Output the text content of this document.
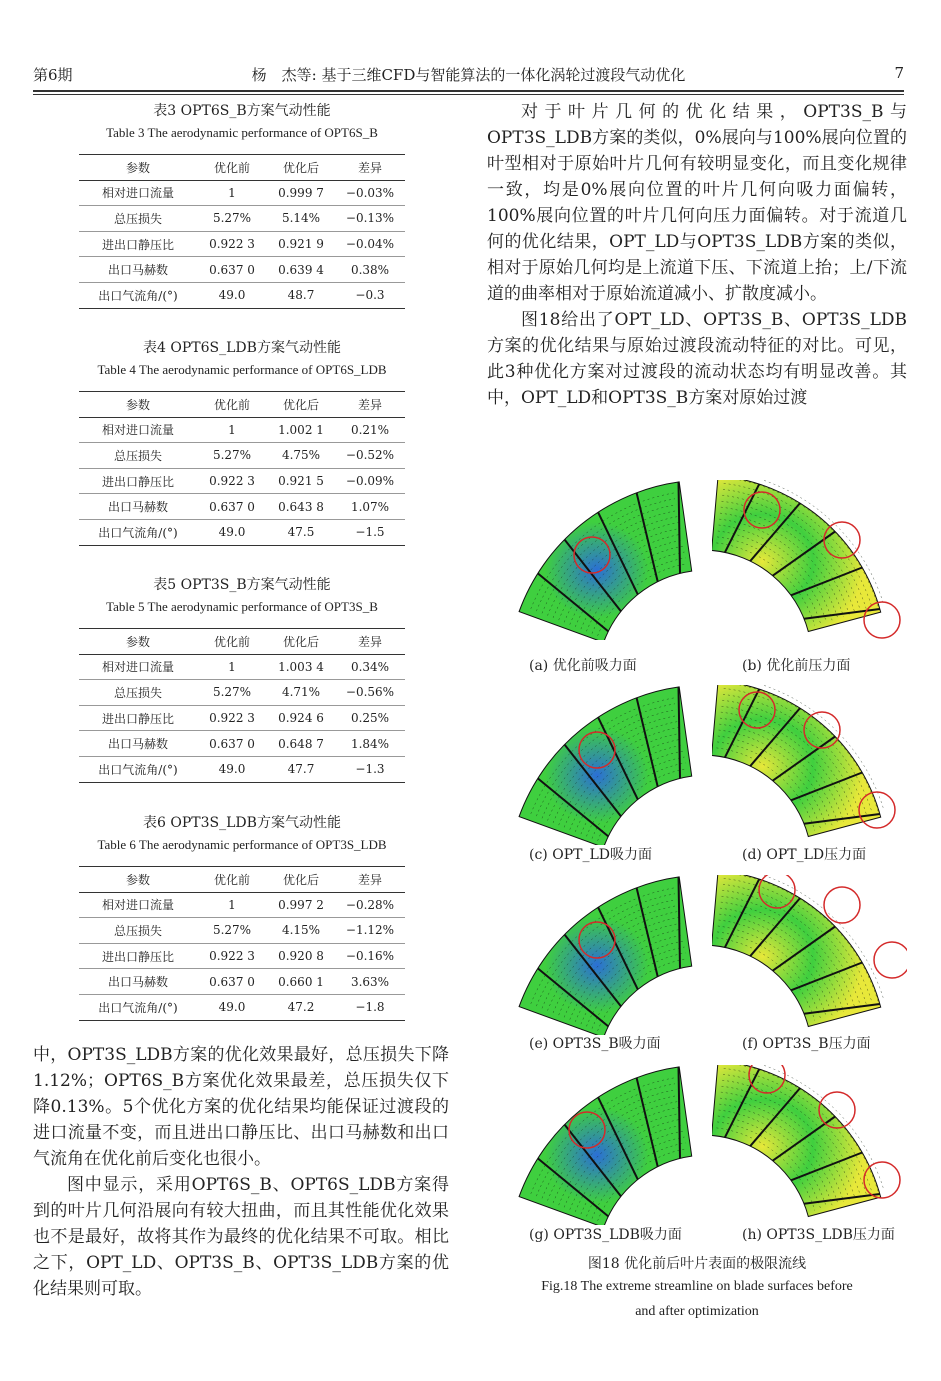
第6期	杨　杰等: 基于三维CFD与智能算法的一体化涡轮过渡段气动优化	7
表3 OPT6S_B方案气动性能
Table 3 The aerodynamic performance of OPT6S_B
参数	优化前	优化后	差异
相对进口流量	1	0.999 7	−0.03%
总压损失	5.27%	5.14%	−0.13%
进出口静压比	0.922 3	0.921 9	−0.04%
出口马赫数	0.637 0	0.639 4	0.38%
出口气流角/(°)	49.0	48.7	−0.3
表4 OPT6S_LDB方案气动性能
Table 4 The aerodynamic performance of OPT6S_LDB
参数	优化前	优化后	差异
相对进口流量	1	1.002 1	0.21%
总压损失	5.27%	4.75%	−0.52%
进出口静压比	0.922 3	0.921 5	−0.09%
出口马赫数	0.637 0	0.643 8	1.07%
出口气流角/(°)	49.0	47.5	−1.5
表5 OPT3S_B方案气动性能
Table 5 The aerodynamic performance of OPT3S_B
参数	优化前	优化后	差异
相对进口流量	1	1.003 4	0.34%
总压损失	5.27%	4.71%	−0.56%
进出口静压比	0.922 3	0.924 6	0.25%
出口马赫数	0.637 0	0.648 7	1.84%
出口气流角/(°)	49.0	47.7	−1.3
表6 OPT3S_LDB方案气动性能
Table 6 The aerodynamic performance of OPT3S_LDB
参数	优化前	优化后	差异
相对进口流量	1	0.997 2	−0.28%
总压损失	5.27%	4.15%	−1.12%
进出口静压比	0.922 3	0.920 8	−0.16%
出口马赫数	0.637 0	0.660 1	3.63%
出口气流角/(°)	49.0	47.2	−1.8

中，OPT3S_LDB方案的优化效果最好，总压损失下降1.12%；OPT6S_B方案优化效果最差，总压损失仅下降0.13%。5个优化方案的优化结果均能保证过渡段的进口流量不变，而且进出口静压比、出口马赫数和出口气流角在优化前后变化也很小。

图中显示，采用OPT6S_B、OPT6S_LDB方案得到的叶片几何沿展向有较大扭曲，而且其性能优化效果也不是最好，故将其作为最终的优化结果不可取。相比之下，OPT_LD、OPT3S_B、OPT3S_LDB方案的优化结果则可取。

对于叶片几何的优化结果，OPT3S_B与OPT3S_LDB方案的类似，0%展向与100%展向位置的叶型相对于原始叶片几何有较明显变化，而且变化规律一致，均是0%展向位置的叶片几何向吸力面偏转，100%展向位置的叶片几何向压力面偏转。对于流道几何的优化结果，OPT_LD与OPT3S_LDB方案的类似，相对于原始几何均是上流道下压、下流道上抬；上/下流道的曲率相对于原始流道减小、扩散度减小。

图18给出了OPT_LD、OPT3S_B、OPT3S_LDB方案的优化结果与原始过渡段流动特征的对比。可见，此3种优化方案对过渡段的流动状态均有明显改善。其中，OPT_LD和OPT3S_B方案对原始过渡

(a) 优化前吸力面	(b) 优化前压力面
(c) OPT_LD吸力面	(d) OPT_LD压力面
(e) OPT3S_B吸力面	(f) OPT3S_B压力面
(g) OPT3S_LDB吸力面	(h) OPT3S_LDB压力面
图18 优化前后叶片表面的极限流线
Fig.18 The extreme streamline on blade surfaces before
and after optimization
